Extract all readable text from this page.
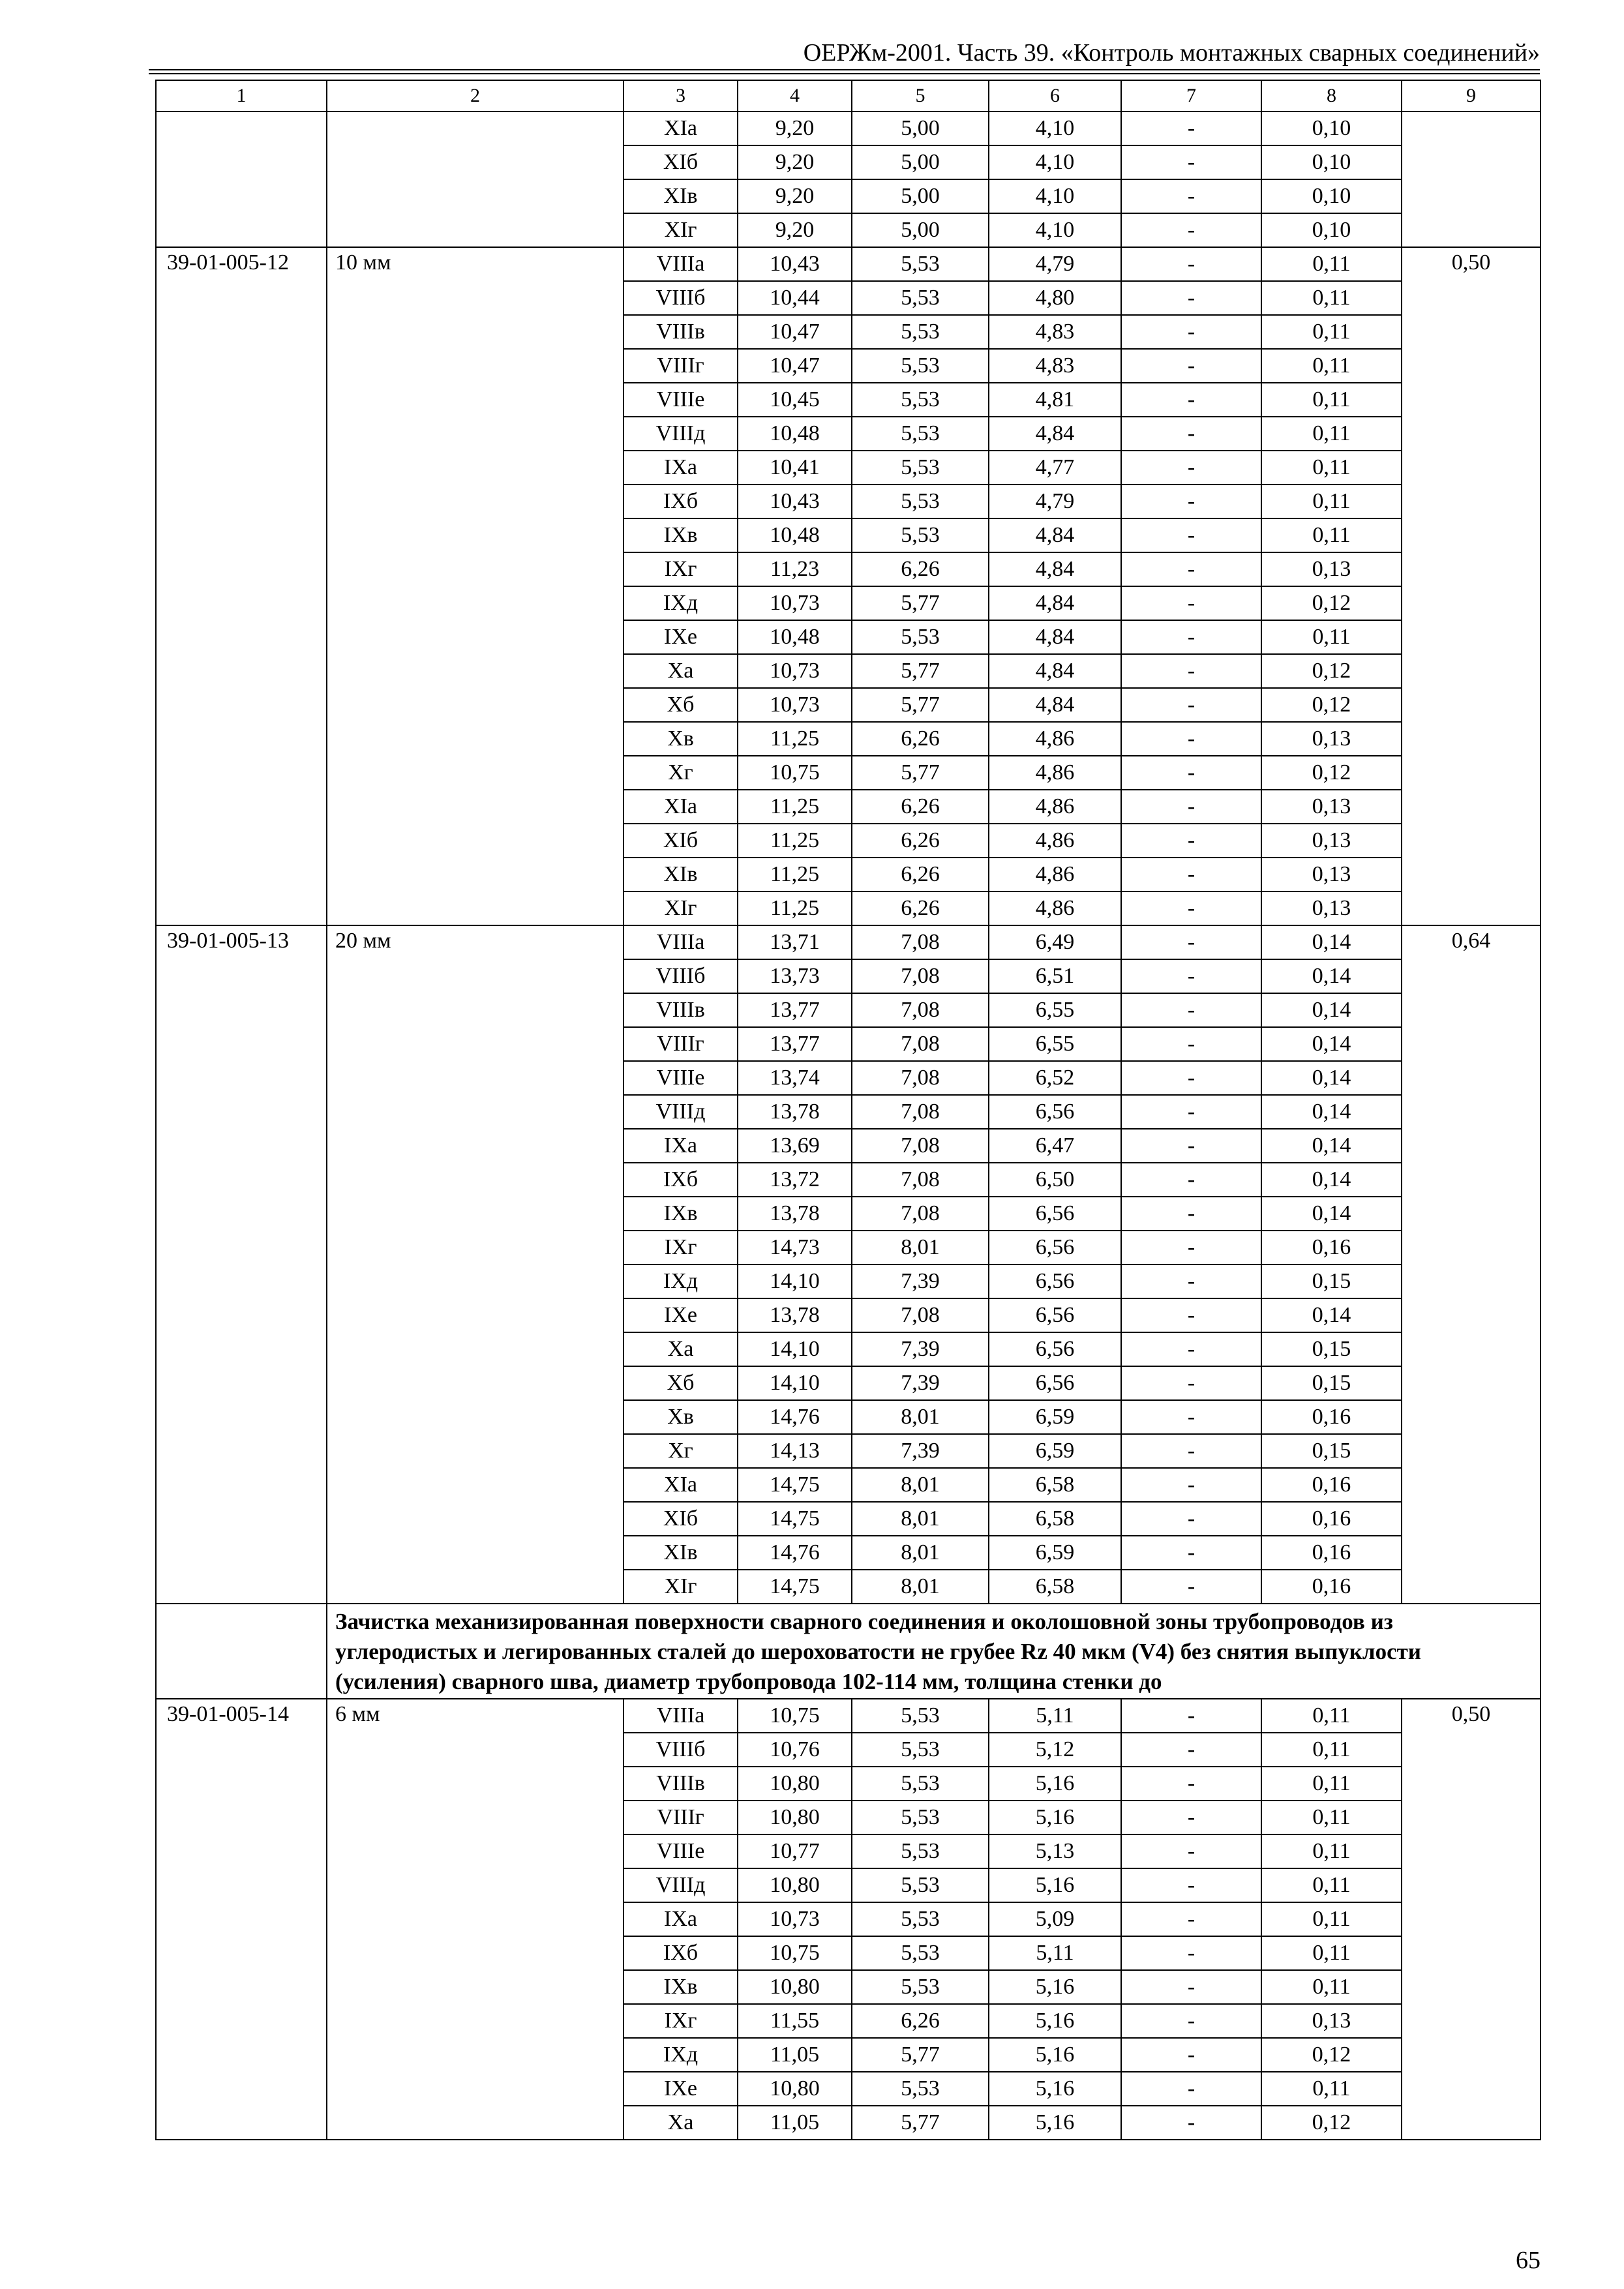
ОЕРЖм-2001. Часть 39. «Контроль монтажных сварных соединений»
1	2	3	4	5	6	7	8	9
		XIа	9,20	5,00	4,10	-	0,10	
		XIб	9,20	5,00	4,10	-	0,10	
		XIв	9,20	5,00	4,10	-	0,10	
		XIг	9,20	5,00	4,10	-	0,10	
39-01-005-12	10 мм	VIIIа	10,43	5,53	4,79	-	0,11	0,50
		VIIIб	10,44	5,53	4,80	-	0,11	
		VIIIв	10,47	5,53	4,83	-	0,11	
		VIIIг	10,47	5,53	4,83	-	0,11	
		VIIIе	10,45	5,53	4,81	-	0,11	
		VIIIд	10,48	5,53	4,84	-	0,11	
		IXа	10,41	5,53	4,77	-	0,11	
		IXб	10,43	5,53	4,79	-	0,11	
		IXв	10,48	5,53	4,84	-	0,11	
		IXг	11,23	6,26	4,84	-	0,13	
		IXд	10,73	5,77	4,84	-	0,12	
		IXе	10,48	5,53	4,84	-	0,11	
		Xа	10,73	5,77	4,84	-	0,12	
		Xб	10,73	5,77	4,84	-	0,12	
		Xв	11,25	6,26	4,86	-	0,13	
		Xг	10,75	5,77	4,86	-	0,12	
		XIа	11,25	6,26	4,86	-	0,13	
		XIб	11,25	6,26	4,86	-	0,13	
		XIв	11,25	6,26	4,86	-	0,13	
		XIг	11,25	6,26	4,86	-	0,13	
39-01-005-13	20 мм	VIIIа	13,71	7,08	6,49	-	0,14	0,64
		VIIIб	13,73	7,08	6,51	-	0,14	
		VIIIв	13,77	7,08	6,55	-	0,14	
		VIIIг	13,77	7,08	6,55	-	0,14	
		VIIIе	13,74	7,08	6,52	-	0,14	
		VIIIд	13,78	7,08	6,56	-	0,14	
		IXа	13,69	7,08	6,47	-	0,14	
		IXб	13,72	7,08	6,50	-	0,14	
		IXв	13,78	7,08	6,56	-	0,14	
		IXг	14,73	8,01	6,56	-	0,16	
		IXд	14,10	7,39	6,56	-	0,15	
		IXе	13,78	7,08	6,56	-	0,14	
		Xа	14,10	7,39	6,56	-	0,15	
		Xб	14,10	7,39	6,56	-	0,15	
		Xв	14,76	8,01	6,59	-	0,16	
		Xг	14,13	7,39	6,59	-	0,15	
		XIа	14,75	8,01	6,58	-	0,16	
		XIб	14,75	8,01	6,58	-	0,16	
		XIв	14,76	8,01	6,59	-	0,16	
		XIг	14,75	8,01	6,58	-	0,16	
	Зачистка механизированная поверхности сварного соединения и околошовной зоны трубопроводов из углеродистых и легированных сталей до шероховатости не грубее Rz 40 мкм (V4) без снятия выпуклости (усиления) сварного шва, диаметр трубопровода 102-114 мм, толщина стенки до							
39-01-005-14	6 мм	VIIIа	10,75	5,53	5,11	-	0,11	0,50
		VIIIб	10,76	5,53	5,12	-	0,11	
		VIIIв	10,80	5,53	5,16	-	0,11	
		VIIIг	10,80	5,53	5,16	-	0,11	
		VIIIе	10,77	5,53	5,13	-	0,11	
		VIIIд	10,80	5,53	5,16	-	0,11	
		IXа	10,73	5,53	5,09	-	0,11	
		IXб	10,75	5,53	5,11	-	0,11	
		IXв	10,80	5,53	5,16	-	0,11	
		IXг	11,55	6,26	5,16	-	0,13	
		IXд	11,05	5,77	5,16	-	0,12	
		IXе	10,80	5,53	5,16	-	0,11	
		Xа	11,05	5,77	5,16	-	0,12	
65
